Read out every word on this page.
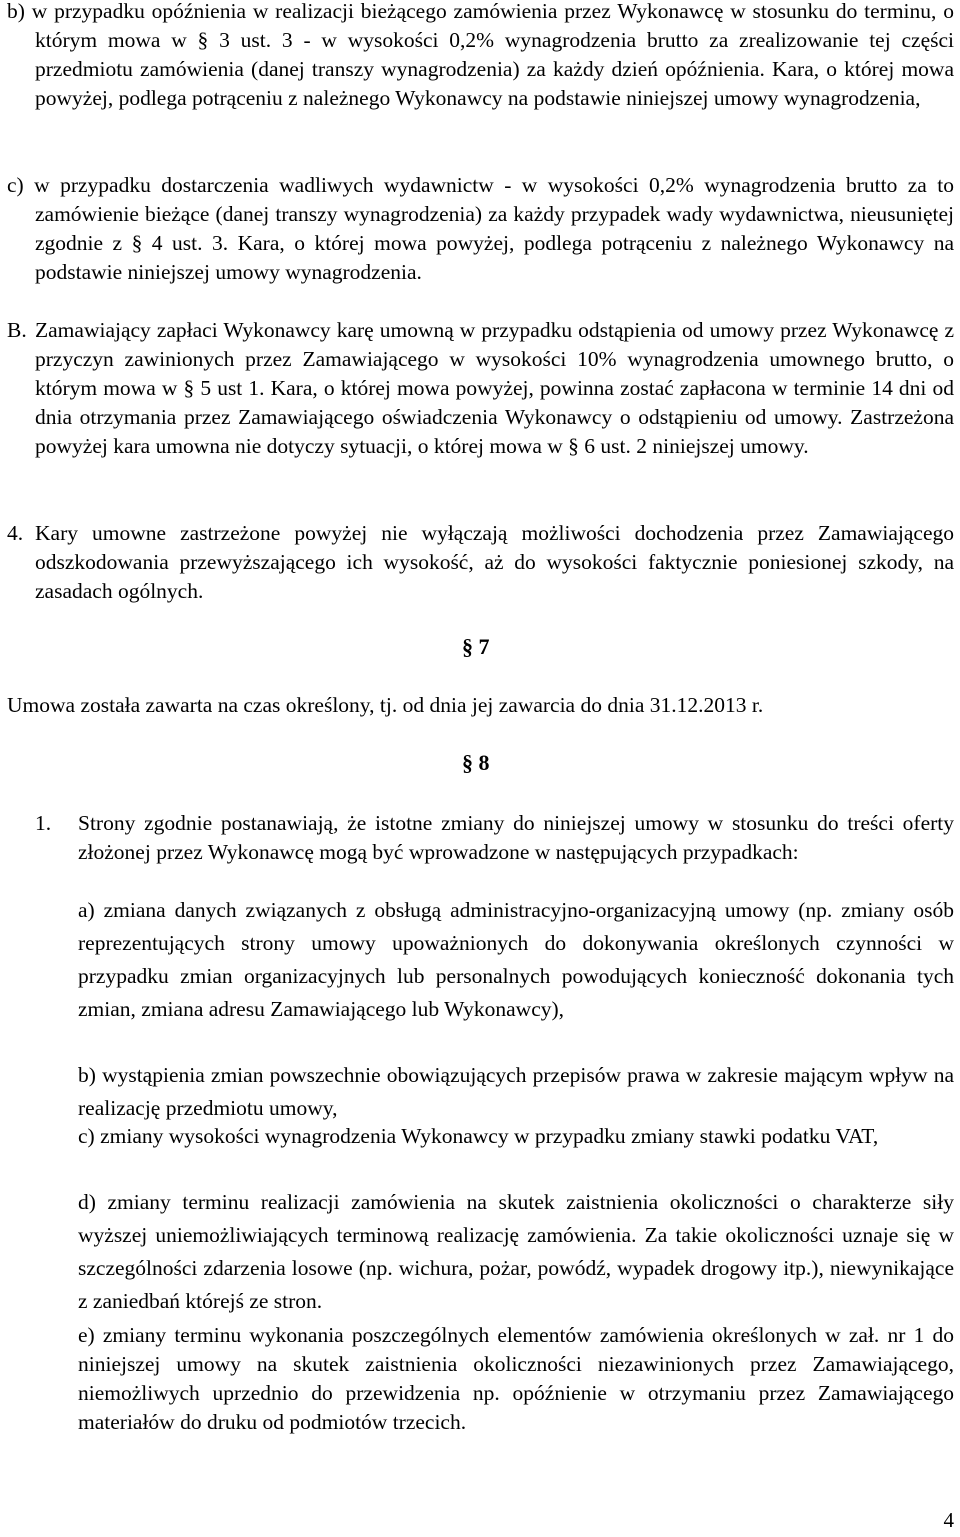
b) w przypadku opóźnienia w realizacji bieżącego zamówienia przez Wykonawcę w stosunku do terminu, o którym mowa w § 3 ust. 3 - w wysokości 0,2% wynagrodzenia brutto za zrealizowanie tej części przedmiotu zamówienia (danej transzy wynagrodzenia) za każdy dzień opóźnienia. Kara, o której mowa powyżej, podlega potrąceniu z należnego Wykonawcy na podstawie niniejszej umowy wynagrodzenia,

c) w przypadku dostarczenia wadliwych wydawnictw - w wysokości 0,2% wynagrodzenia brutto za to zamówienie bieżące (danej transzy wynagrodzenia) za każdy przypadek wady wydawnictwa, nieusuniętej zgodnie z § 4 ust. 3. Kara, o której mowa powyżej, podlega potrąceniu z należnego Wykonawcy na podstawie niniejszej umowy wynagrodzenia.

B. Zamawiający zapłaci Wykonawcy karę umowną w przypadku odstąpienia od umowy przez Wykonawcę z przyczyn zawinionych przez Zamawiającego w wysokości 10% wynagrodzenia umownego brutto, o którym mowa w § 5 ust 1. Kara, o której mowa powyżej, powinna zostać zapłacona w terminie 14 dni od dnia otrzymania przez Zamawiającego oświadczenia Wykonawcy o odstąpieniu od umowy. Zastrzeżona powyżej kara umowna nie dotyczy sytuacji, o której mowa w § 6 ust. 2 niniejszej umowy.
4. Kary umowne zastrzeżone powyżej nie wyłączają możliwości dochodzenia przez Zamawiającego odszkodowania przewyższającego ich wysokość, aż do wysokości faktycznie poniesionej szkody, na zasadach ogólnych.
§ 7
Umowa została zawarta na czas określony, tj. od dnia jej zawarcia do dnia 31.12.2013 r.
§ 8
1. Strony zgodnie postanawiają, że istotne zmiany do niniejszej umowy w stosunku do treści oferty złożonej przez Wykonawcę mogą być wprowadzone w następujących przypadkach:

a) zmiana danych związanych z obsługą administracyjno-organizacyjną umowy (np. zmiany osób reprezentujących strony umowy upoważnionych do dokonywania określonych czynności w przypadku zmian organizacyjnych lub personalnych powodujących konieczność dokonania tych zmian, zmiana adresu Zamawiającego lub Wykonawcy),

b) wystąpienia zmian powszechnie obowiązujących przepisów prawa w zakresie mającym wpływ na realizację przedmiotu umowy,

c) zmiany wysokości wynagrodzenia Wykonawcy w przypadku zmiany stawki podatku VAT,

d) zmiany terminu realizacji zamówienia na skutek zaistnienia okoliczności o charakterze siły wyższej uniemożliwiających terminową realizację zamówienia. Za takie okoliczności uznaje się w szczególności zdarzenia losowe (np. wichura, pożar, powódź, wypadek drogowy itp.), niewynikające z zaniedbań którejś ze stron.

e) zmiany terminu wykonania poszczególnych elementów zamówienia określonych w zał. nr 1 do niniejszej umowy na skutek zaistnienia okoliczności niezawinionych przez Zamawiającego, niemożliwych uprzednio do przewidzenia np. opóźnienie w otrzymaniu przez Zamawiającego materiałów do druku od podmiotów trzecich.

4
